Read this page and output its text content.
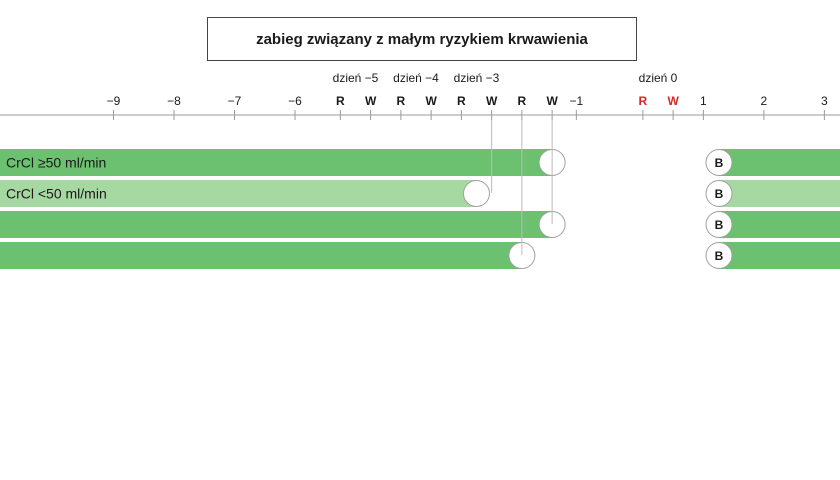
−9	−8	−7	−6	R W R W R W R W −1	R W 1	2	3
dzień −5 dzień −4 dzień −3	dzień 0
B
CrCl ≥50 ml/min
B
CrCl <50 ml/min
B
B
zabieg związany z małym ryzykiem krwawienia
